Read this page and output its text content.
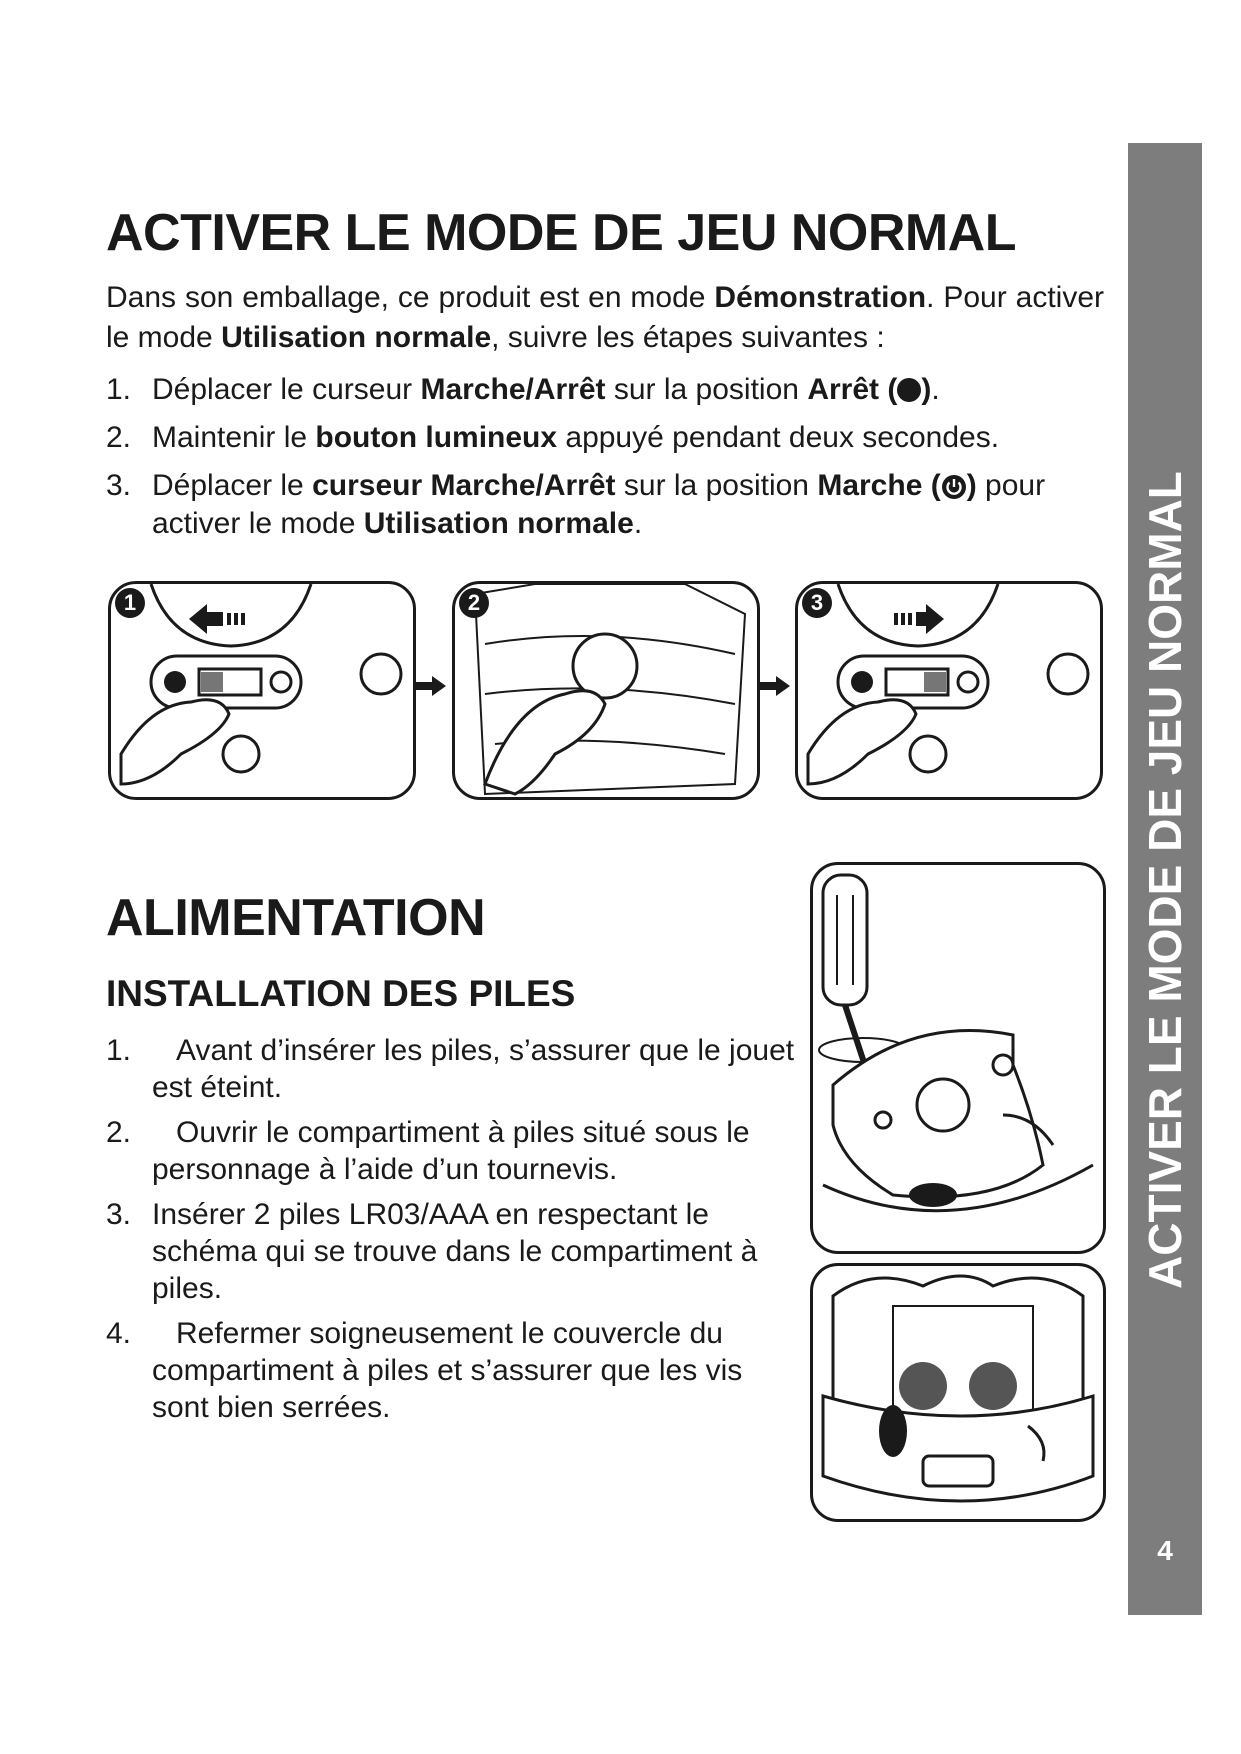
ACTIVER LE MODE DE JEU NORMAL
4
ACTIVER LE MODE DE JEU NORMAL

Dans son emballage, ce produit est en mode Démonstration. Pour activer le mode Utilisation normale, suivre les étapes suivantes :

1. Déplacer le curseur Marche/Arrêt sur la position Arrêt ( ).
2. Maintenir le bouton lumineux appuyé pendant deux secondes.
3. Déplacer le curseur Marche/Arrêt sur la position Marche ( ) pour activer le mode Utilisation normale.
1	2	3
ALIMENTATION
INSTALLATION DES PILES
1. Avant d’insérer les piles, s’assurer que le jouet est éteint.
2. Ouvrir le compartiment à piles situé sous le personnage à l’aide d’un tournevis.
3. Insérer 2 piles LR03/AAA en respectant le schéma qui se trouve dans le compartiment à piles.
4. Refermer soigneusement le couvercle du compartiment à piles et s’assurer que les vis sont bien serrées.
